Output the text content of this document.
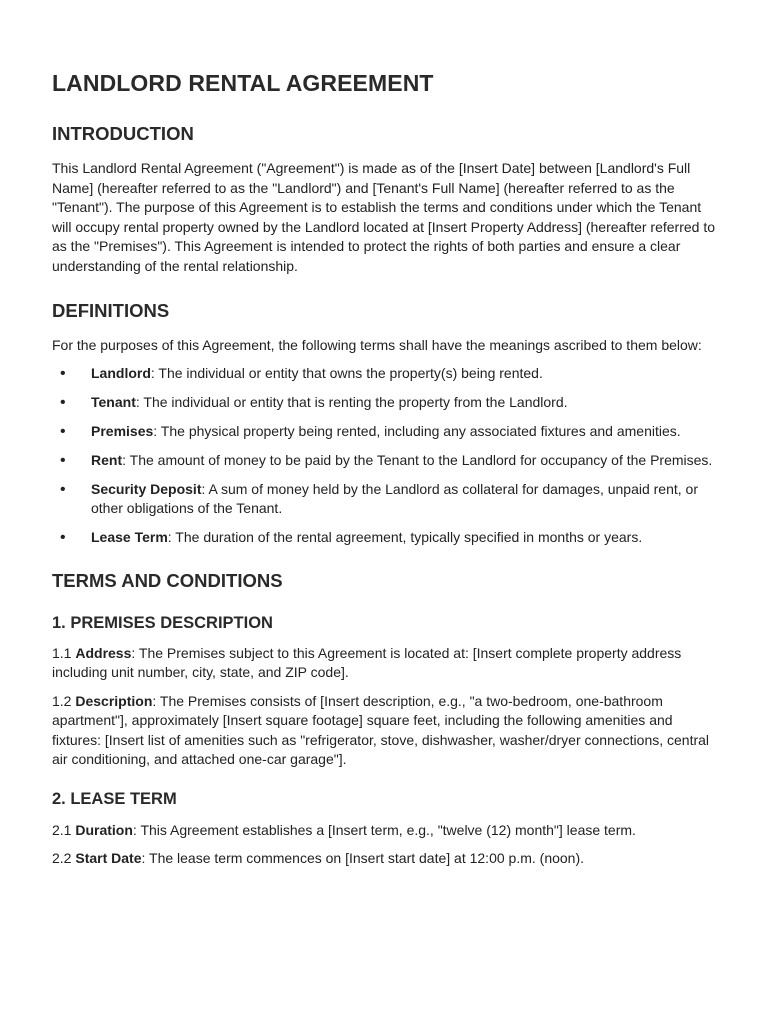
LANDLORD RENTAL AGREEMENT
INTRODUCTION

This Landlord Rental Agreement ("Agreement") is made as of the [Insert Date] between [Landlord's Full Name] (hereafter referred to as the "Landlord") and [Tenant's Full Name] (hereafter referred to as the "Tenant"). The purpose of this Agreement is to establish the terms and conditions under which the Tenant will occupy rental property owned by the Landlord located at [Insert Property Address] (hereafter referred to as the "Premises"). This Agreement is intended to protect the rights of both parties and ensure a clear understanding of the rental relationship.

DEFINITIONS

For the purposes of this Agreement, the following terms shall have the meanings ascribed to them below:

• Landlord: The individual or entity that owns the property(s) being rented.
• Tenant: The individual or entity that is renting the property from the Landlord.
• Premises: The physical property being rented, including any associated fixtures and amenities.
• Rent: The amount of money to be paid by the Tenant to the Landlord for occupancy of the Premises.
• Security Deposit: A sum of money held by the Landlord as collateral for damages, unpaid rent, or other obligations of the Tenant.
• Lease Term: The duration of the rental agreement, typically specified in months or years.
TERMS AND CONDITIONS
1. PREMISES DESCRIPTION

1.1 Address: The Premises subject to this Agreement is located at: [Insert complete property address including unit number, city, state, and ZIP code].

1.2 Description: The Premises consists of [Insert description, e.g., "a two-bedroom, one-bathroom apartment"], approximately [Insert square footage] square feet, including the following amenities and fixtures: [Insert list of amenities such as "refrigerator, stove, dishwasher, washer/dryer connections, central air conditioning, and attached one-car garage"].

2. LEASE TERM

2.1 Duration: This Agreement establishes a [Insert term, e.g., "twelve (12) month"] lease term.

2.2 Start Date: The lease term commences on [Insert start date] at 12:00 p.m. (noon).
